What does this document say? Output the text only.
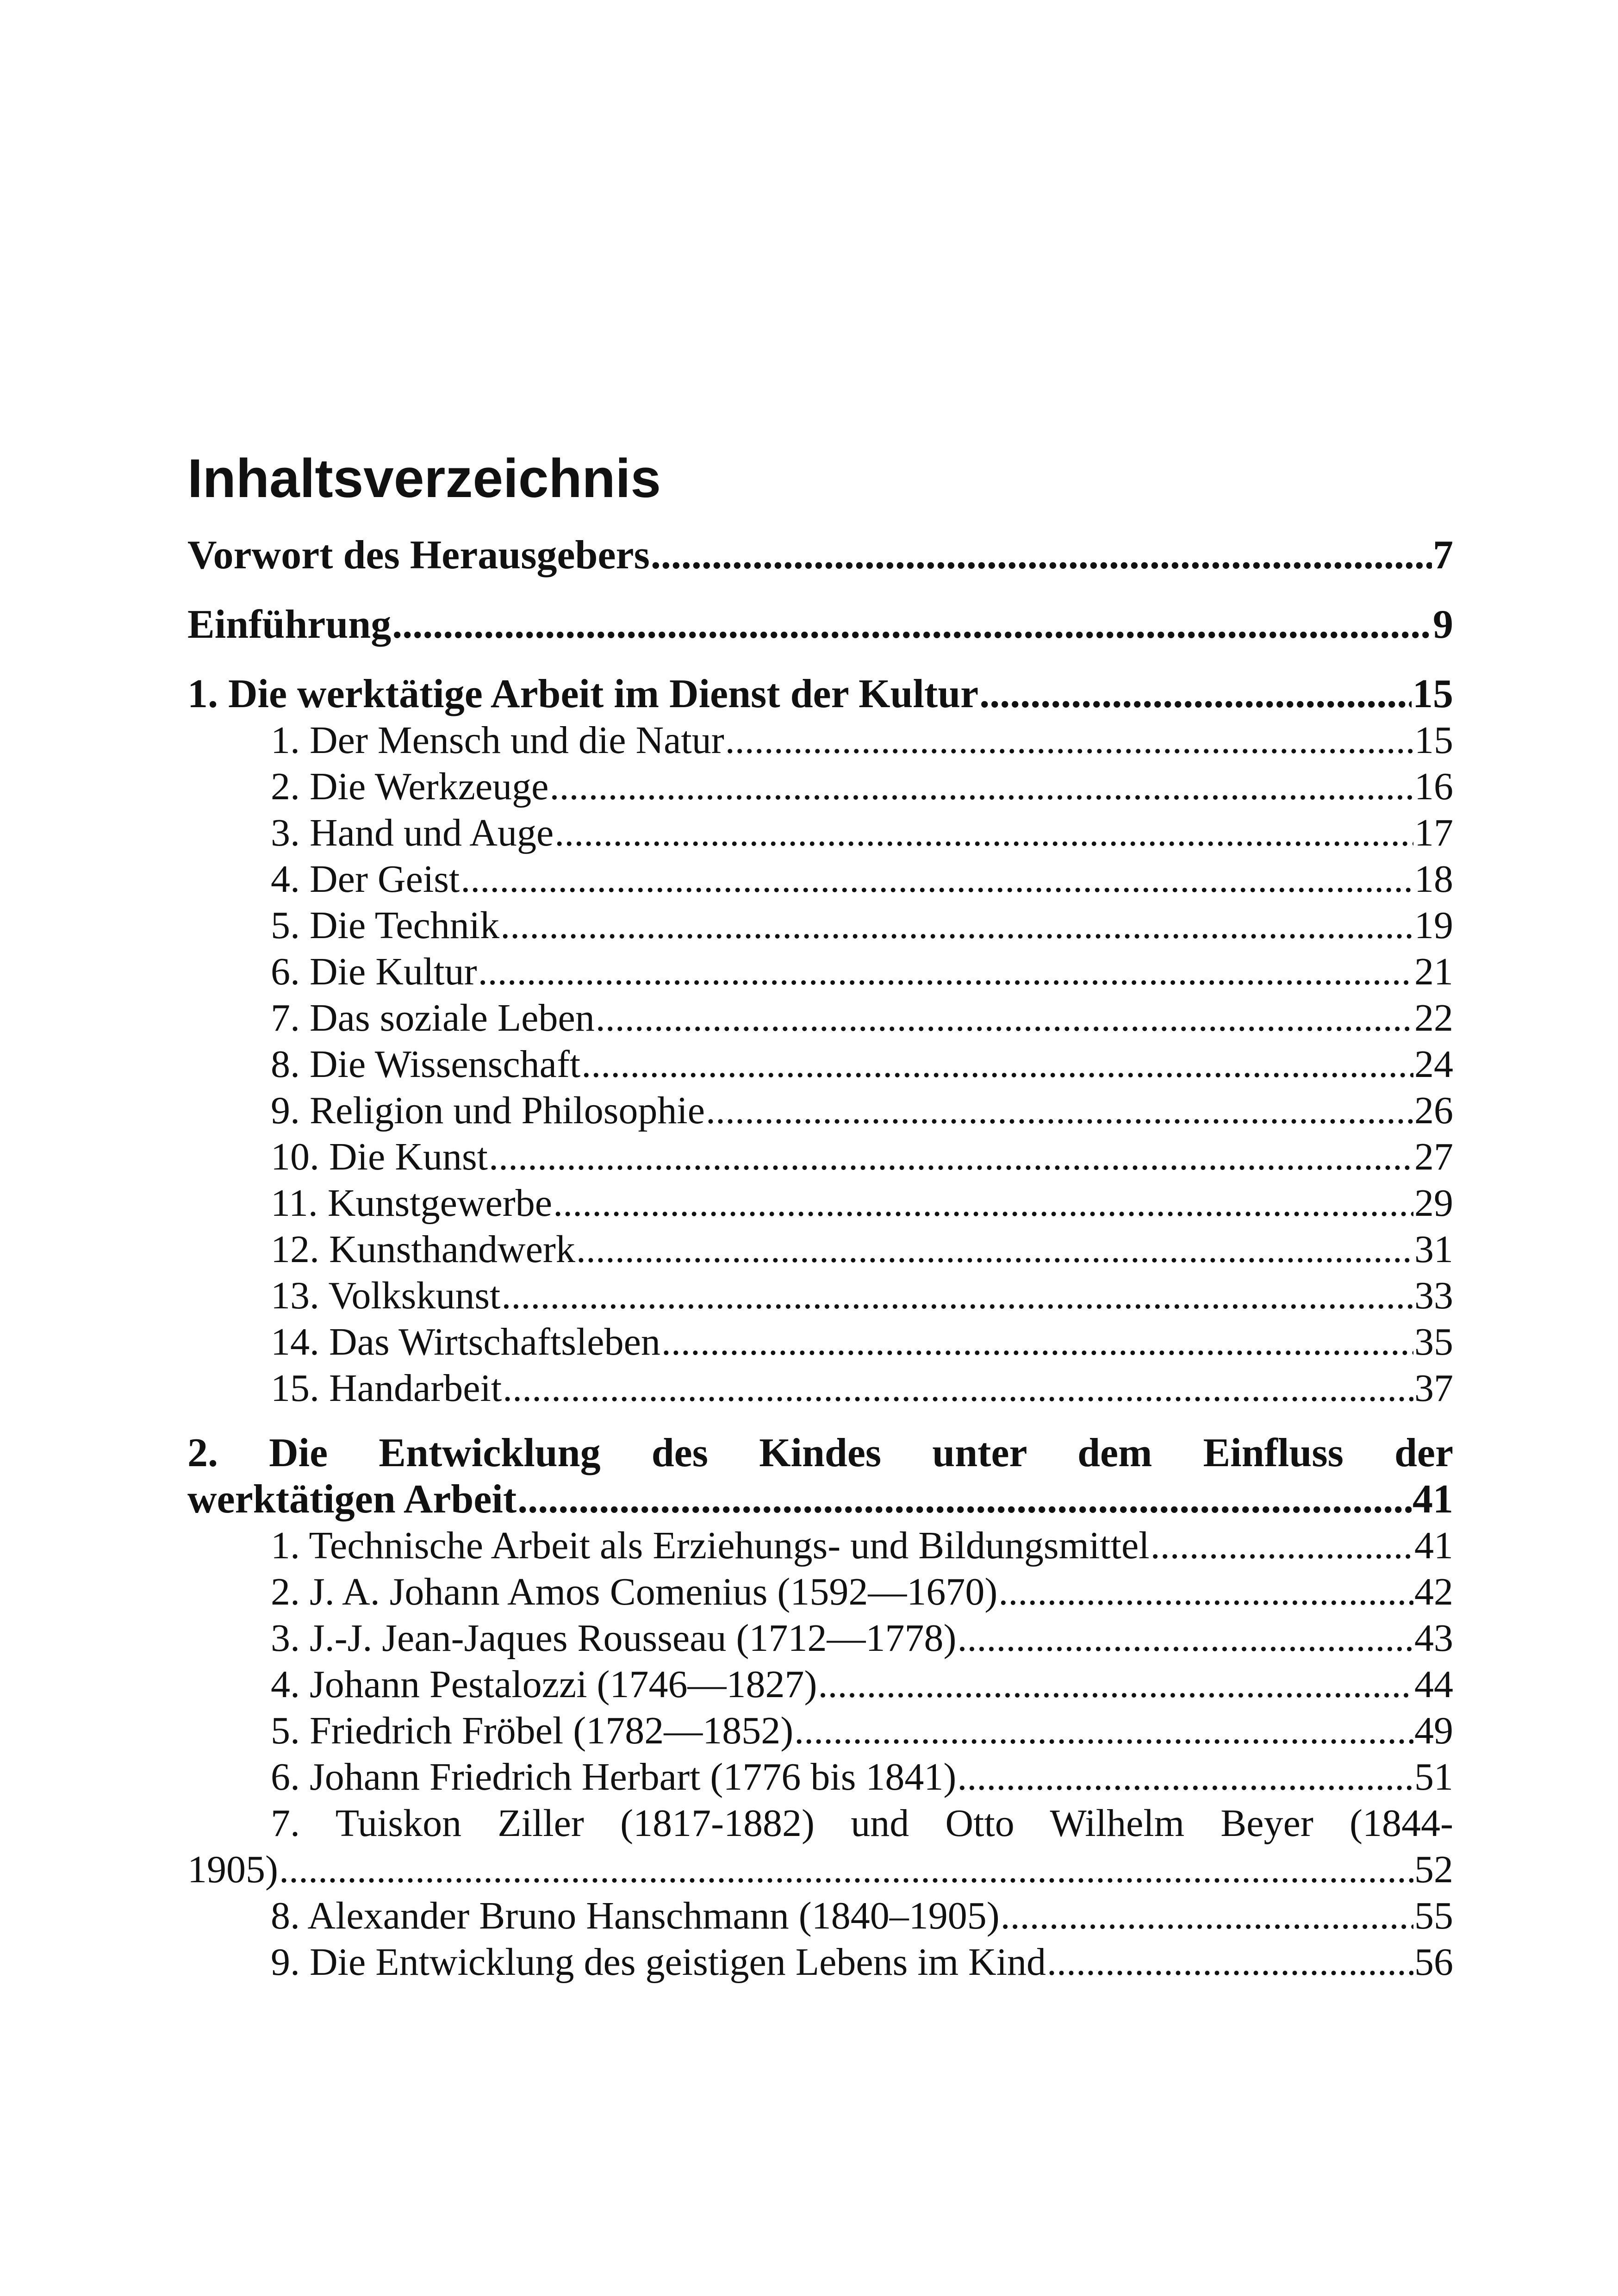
Inhaltsverzeichnis
Vorwort des Herausgebers .....	7
Einführung .....	9
1. Die werktätige Arbeit im Dienst der Kultur .....	15
1. Der Mensch und die Natur .....	15
2. Die Werkzeuge .....	16
3. Hand und Auge .....	17
4. Der Geist .....	18
5. Die Technik .....	19
6. Die Kultur .....	21
7. Das soziale Leben .....	22
8. Die Wissenschaft .....	24
9. Religion und Philosophie .....	26
10. Die Kunst .....	27
11. Kunstgewerbe .....	29
12. Kunsthandwerk .....	31
13. Volkskunst .....	33
14. Das Wirtschaftsleben .....	35
15. Handarbeit .....	37
2. Die Entwicklung des Kindes unter dem Einfluss der
werktätigen Arbeit .....	41
1. Technische Arbeit als Erziehungs- und Bildungsmittel .....	41
2. J. A. Johann Amos Comenius (1592—1670) .....	42
3. J.-J. Jean-Jaques Rousseau (1712—1778) .....	43
4. Johann Pestalozzi (1746—1827) .....	44
5. Friedrich Fröbel (1782—1852) .....	49
6. Johann Friedrich Herbart (1776 bis 1841) .....	51
7. Tuiskon Ziller (1817-1882) und Otto Wilhelm Beyer (1844-
1905) .....	52
8. Alexander Bruno Hanschmann (1840–1905) .....	55
9. Die Entwicklung des geistigen Lebens im Kind .....	56
